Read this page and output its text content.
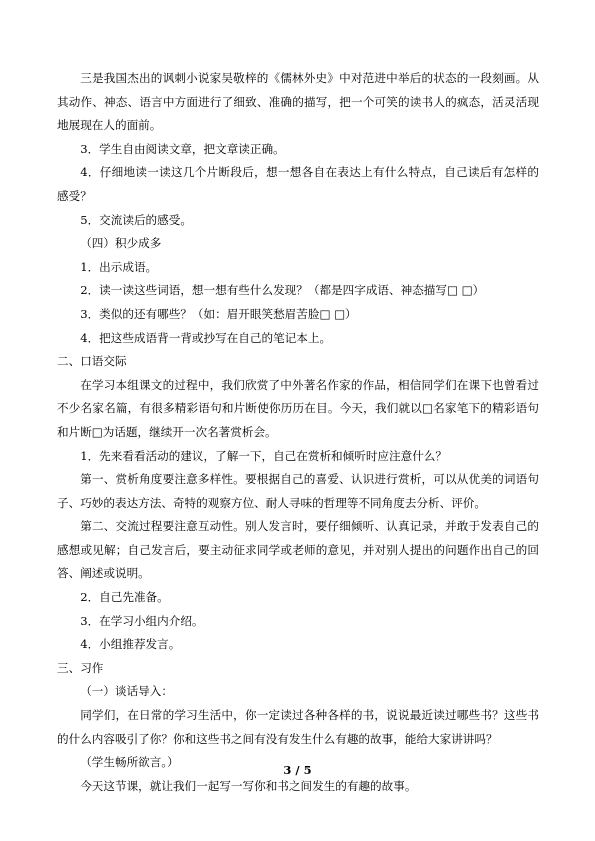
三是我国杰出的讽刺小说家吴敬梓的《儒林外史》中对范进中举后的状态的一段刻画。从其动作、神态、语言中方面进行了细致、准确的描写，把一个可笑的读书人的疯态，活灵活现地展现在人的面前。

3．学生自由阅读文章，把文章读正确。

4．仔细地读一读这几个片断段后，想一想各自在表达上有什么特点，自己读后有怎样的感受？

5．交流读后的感受。

（四）积少成多

1．出示成语。

2．读一读这些词语，想一想有些什么发现？（都是四字成语、神态描写□ □）

3．类似的还有哪些？（如：眉开眼笑愁眉苦脸□ □）

4．把这些成语背一背或抄写在自己的笔记本上。

二、口语交际

在学习本组课文的过程中，我们欣赏了中外著名作家的作品，相信同学们在课下也曾看过不少名家名篇，有很多精彩语句和片断使你历历在目。今天，我们就以□名家笔下的精彩语句和片断□为话题，继续开一次名著赏析会。

1．先来看看活动的建议，了解一下，自己在赏析和倾听时应注意什么？

第一、赏析角度要注意多样性。要根据自己的喜爱、认识进行赏析，可以从优美的词语句子、巧妙的表达方法、奇特的观察方位、耐人寻味的哲理等不同角度去分析、评价。

第二、交流过程要注意互动性。别人发言时，要仔细倾听、认真记录，并敢于发表自己的感想或见解；自己发言后，要主动征求同学或老师的意见，并对别人提出的问题作出自己的回答、阐述或说明。

2．自己先准备。

3．在学习小组内介绍。

4．小组推荐发言。

三、习作

（一）谈话导入：

同学们，在日常的学习生活中，你一定读过各种各样的书，说说最近读过哪些书？这些书的什么内容吸引了你？你和这些书之间有没有发生什么有趣的故事，能给大家讲讲吗？

（学生畅所欲言。）

今天这节课，就让我们一起写一写你和书之间发生的有趣的故事。

3 / 5
